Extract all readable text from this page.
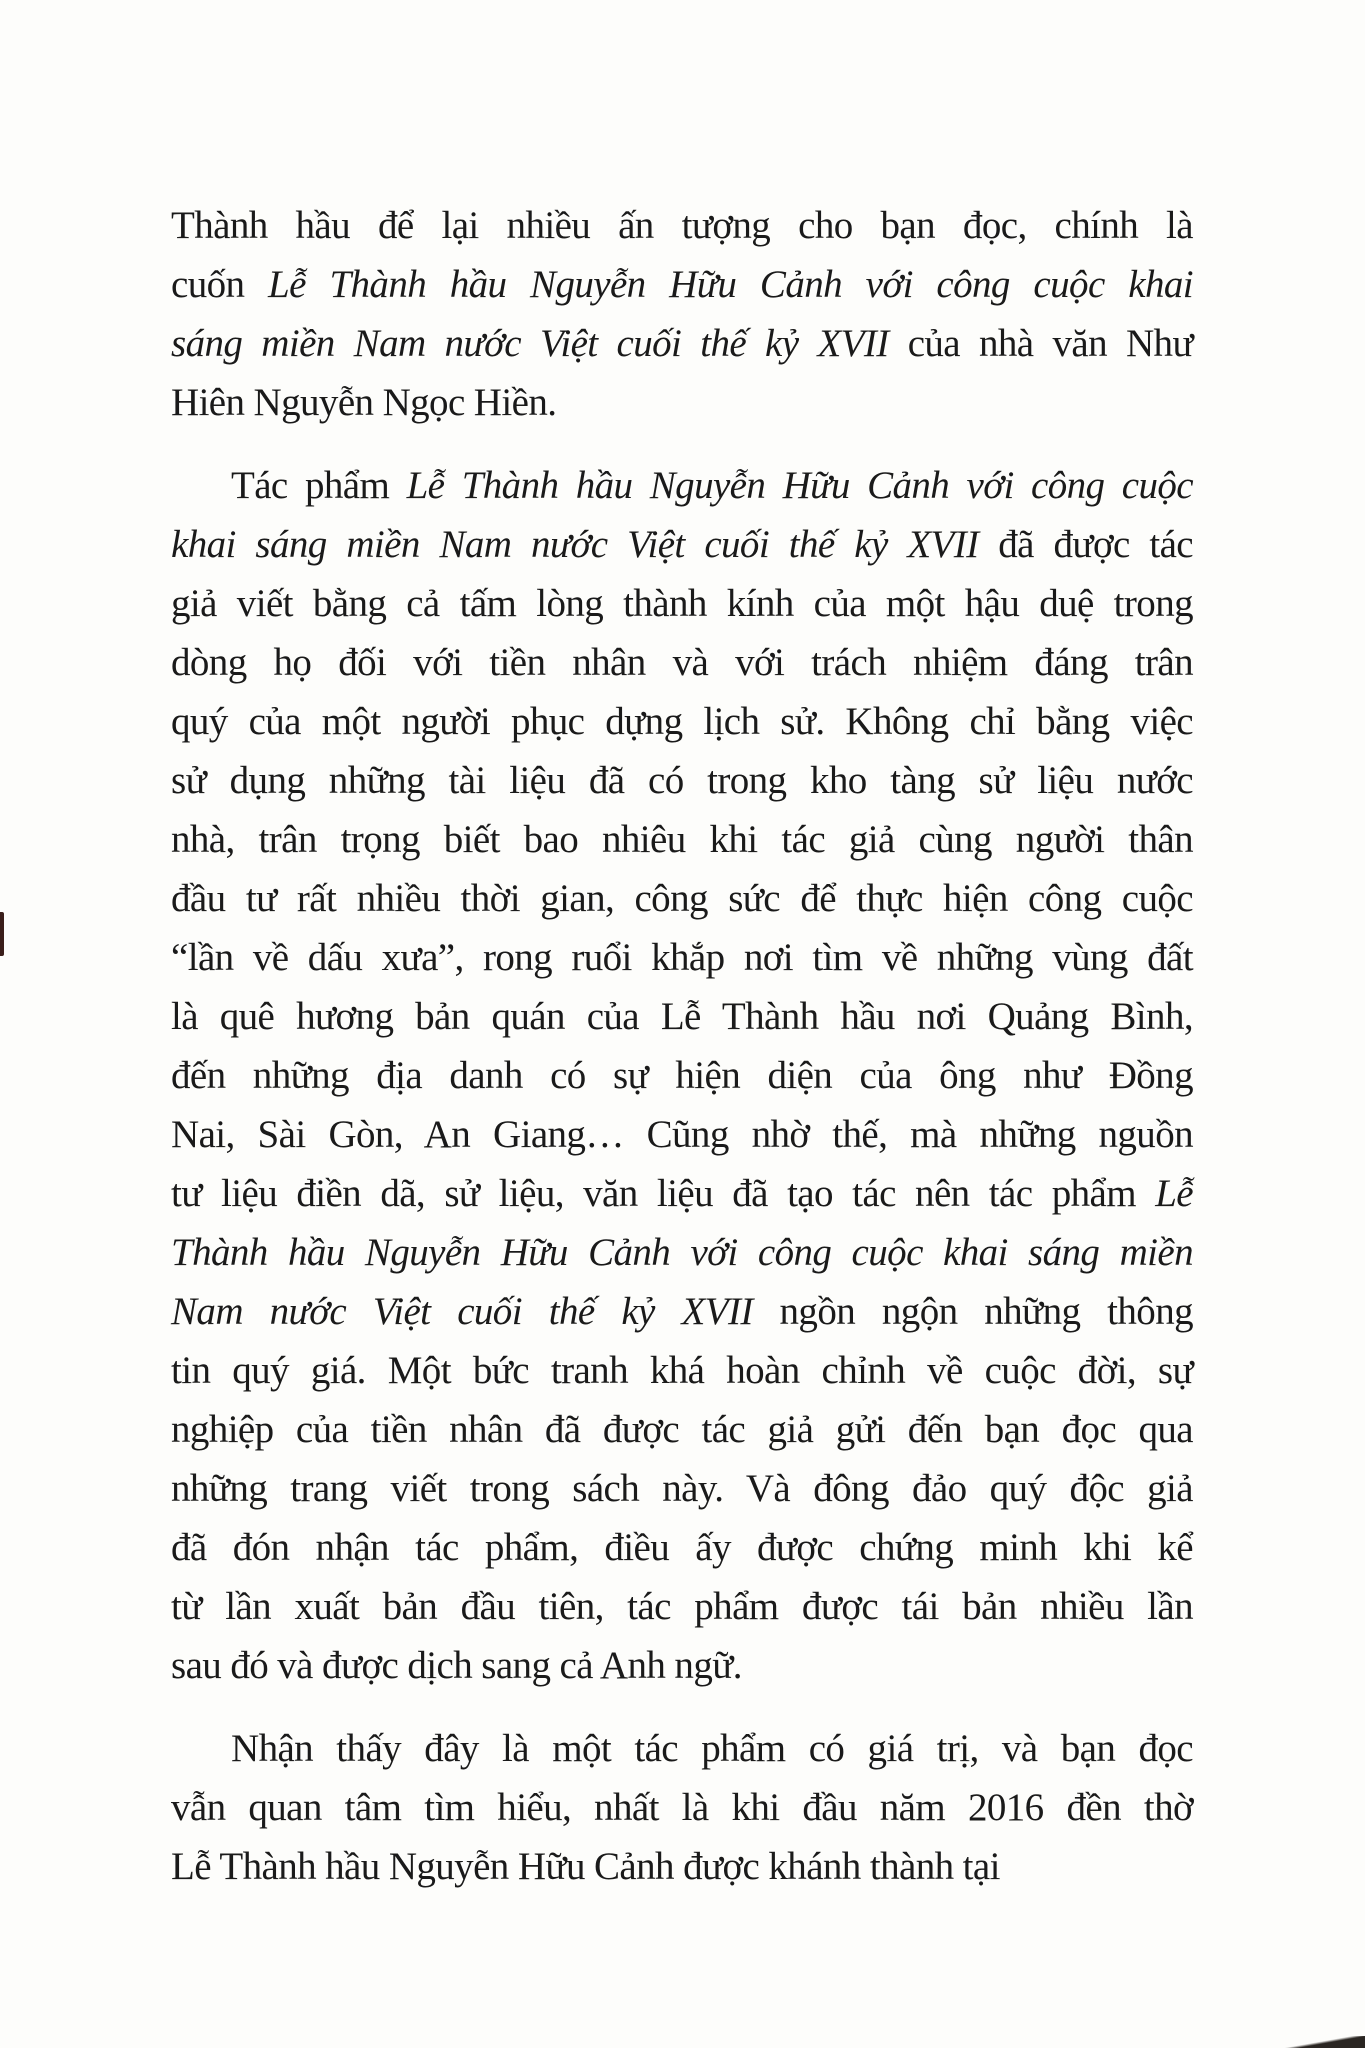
Thành hầu để lại nhiều ấn tượng cho bạn đọc, chính là
cuốn Lễ Thành hầu Nguyễn Hữu Cảnh với công cuộc khai
sáng miền Nam nước Việt cuối thế kỷ XVII của nhà văn Như
Hiên Nguyễn Ngọc Hiền.
Tác phẩm Lễ Thành hầu Nguyễn Hữu Cảnh với công cuộc
khai sáng miền Nam nước Việt cuối thế kỷ XVII đã được tác
giả viết bằng cả tấm lòng thành kính của một hậu duệ trong
dòng họ đối với tiền nhân và với trách nhiệm đáng trân
quý của một người phục dựng lịch sử. Không chỉ bằng việc
sử dụng những tài liệu đã có trong kho tàng sử liệu nước
nhà, trân trọng biết bao nhiêu khi tác giả cùng người thân
đầu tư rất nhiều thời gian, công sức để thực hiện công cuộc
“lần về dấu xưa”, rong ruổi khắp nơi tìm về những vùng đất
là quê hương bản quán của Lễ Thành hầu nơi Quảng Bình,
đến những địa danh có sự hiện diện của ông như Đồng
Nai, Sài Gòn, An Giang… Cũng nhờ thế, mà những nguồn
tư liệu điền dã, sử liệu, văn liệu đã tạo tác nên tác phẩm Lễ
Thành hầu Nguyễn Hữu Cảnh với công cuộc khai sáng miền
Nam nước Việt cuối thế kỷ XVII ngồn ngộn những thông
tin quý giá. Một bức tranh khá hoàn chỉnh về cuộc đời, sự
nghiệp của tiền nhân đã được tác giả gửi đến bạn đọc qua
những trang viết trong sách này. Và đông đảo quý độc giả
đã đón nhận tác phẩm, điều ấy được chứng minh khi kể
từ lần xuất bản đầu tiên, tác phẩm được tái bản nhiều lần
sau đó và được dịch sang cả Anh ngữ.
Nhận thấy đây là một tác phẩm có giá trị, và bạn đọc
vẫn quan tâm tìm hiểu, nhất là khi đầu năm 2016 đền thờ
Lễ Thành hầu Nguyễn Hữu Cảnh được khánh thành tại
